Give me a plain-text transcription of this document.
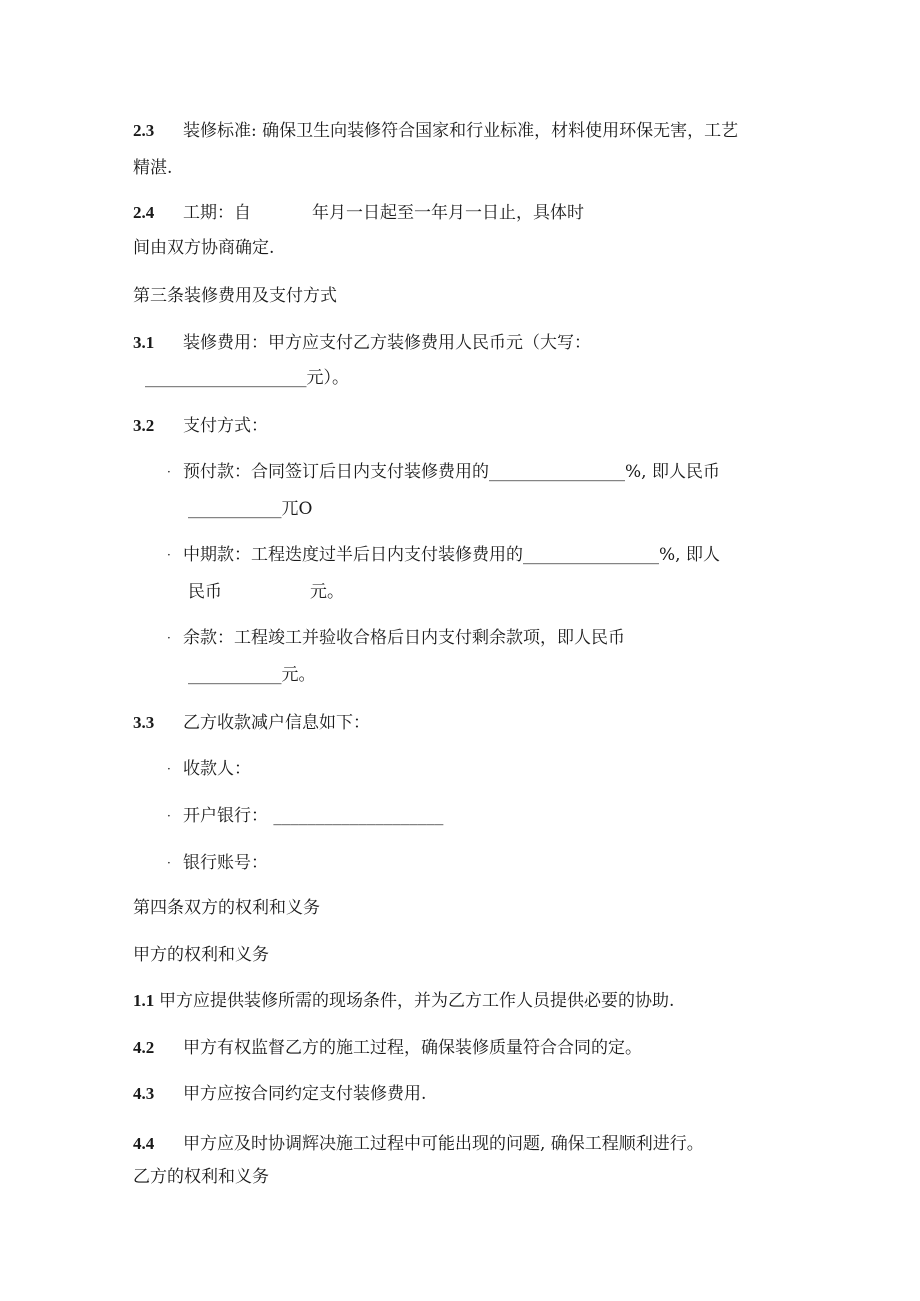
2.3 装修标准: 确保卫生向装修符合国家和行业标准，材料使用环保无害，工艺
精湛.
2.4 工期：自	年月一日起至一年月一日止，具体时
间由双方协商确定.
第三条装修费用及支付方式
3.1 装修费用：甲方应支付乙方装修费用人民币元（大写：
___________________元）。
3.2 支付方式：
· 预付款：合同签订后日内支付装修费用的________________%, 即人民币
___________兀O
· 中期款：工程迭度过半后日内支付装修费用的________________%, 即人
民币	元。
· 余款：工程竣工并验收合格后日内支付剩余款项，即人民币
___________元。
3.3 乙方收款减户信息如下：
· 收款人：
· 开户银行： ____________________
· 银行账号：
第四条双方的权利和义务
甲方的权利和义务
1.1 甲方应提供装修所需的现场条件，并为乙方工作人员提供必要的协助.
4.2 甲方有权监督乙方的施工过程，确保装修质量符合合同的定。
4.3 甲方应按合同约定支付装修费用.
4.4 甲方应及时协调辉决施工过程中可能出现的问题, 确保工程顺利进行。
乙方的权利和义务
